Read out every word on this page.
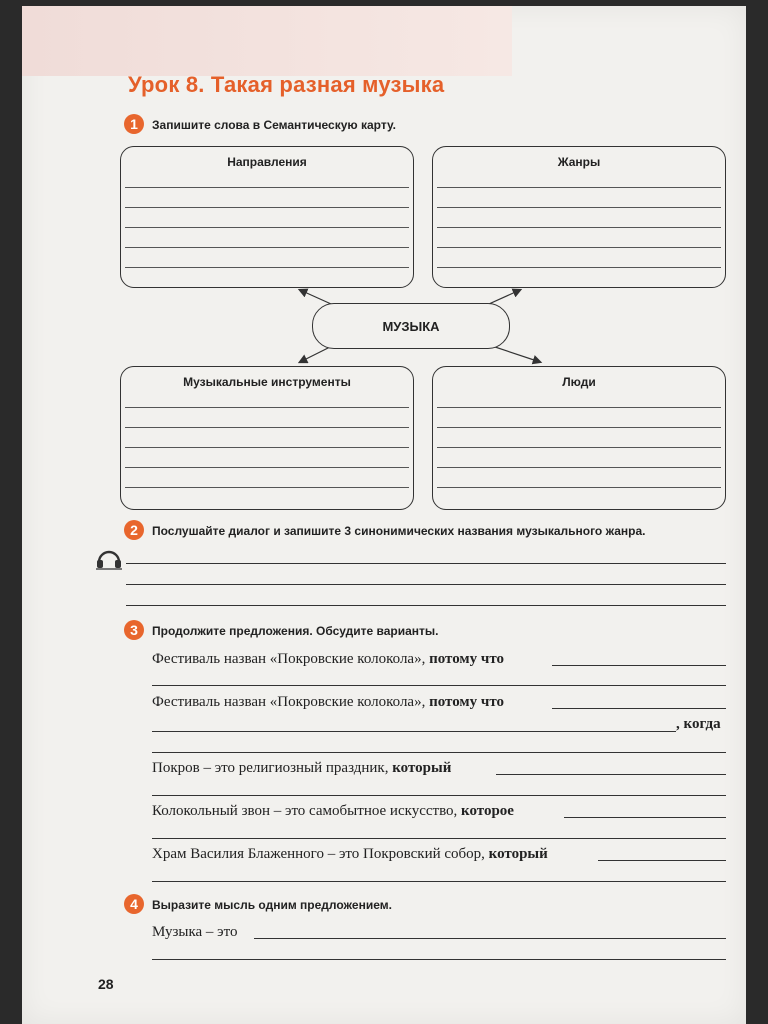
Урок 8. Такая разная музыка
1	Запишите слова в Семантическую карту.
Направления	Жанры
МУЗЫКА
Музыкальные инструменты	Люди
2	Послушайте диалог и запишите 3 синонимических названия музыкального жанра.
3	Продолжите предложения. Обсудите варианты.
Фестиваль назван «Покровские колокола», потому что
Фестиваль назван «Покровские колокола», потому что
, когда
Покров – это религиозный праздник, который
Колокольный звон – это самобытное искусство, которое
Храм Василия Блаженного – это Покровский собор, который
4	Выразите мысль одним предложением.
Музыка – это
28
